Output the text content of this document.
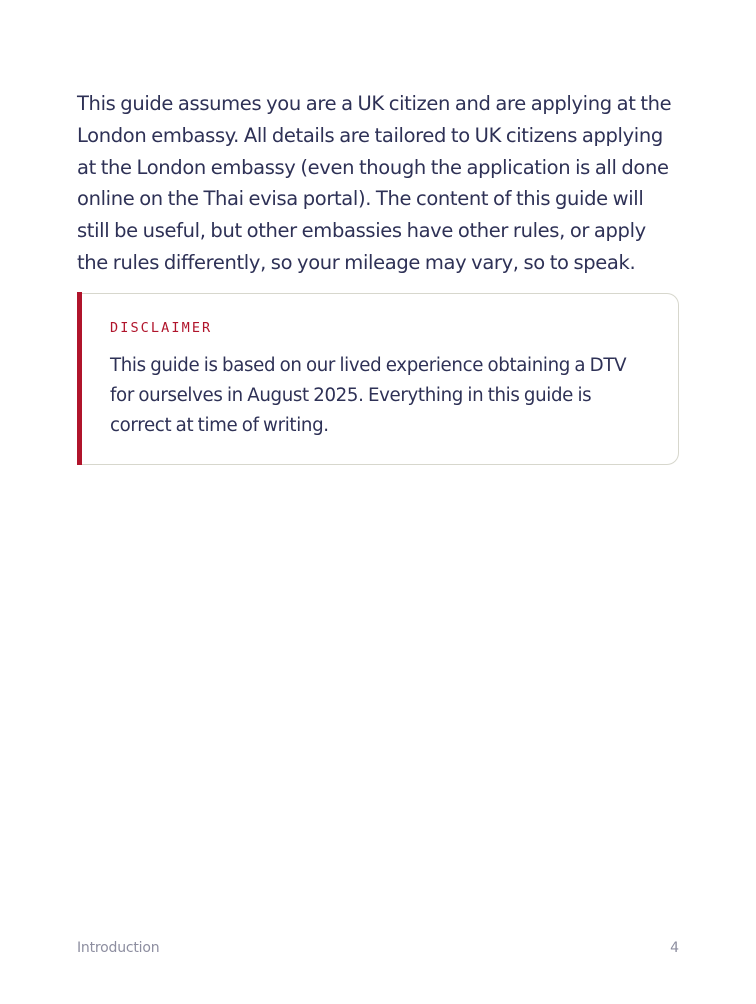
This guide assumes you are a UK citizen and are applying at the London embassy. All details are tailored to UK citizens applying at the London embassy (even though the application is all done online on the Thai evisa portal). The content of this guide will still be useful, but other embassies have other rules, or apply the rules differently, so your mileage may vary, so to speak.

DISCLAIMER

This guide is based on our lived experience obtaining a DTV for ourselves in August 2025. Everything in this guide is correct at time of writing.

Introduction	4
